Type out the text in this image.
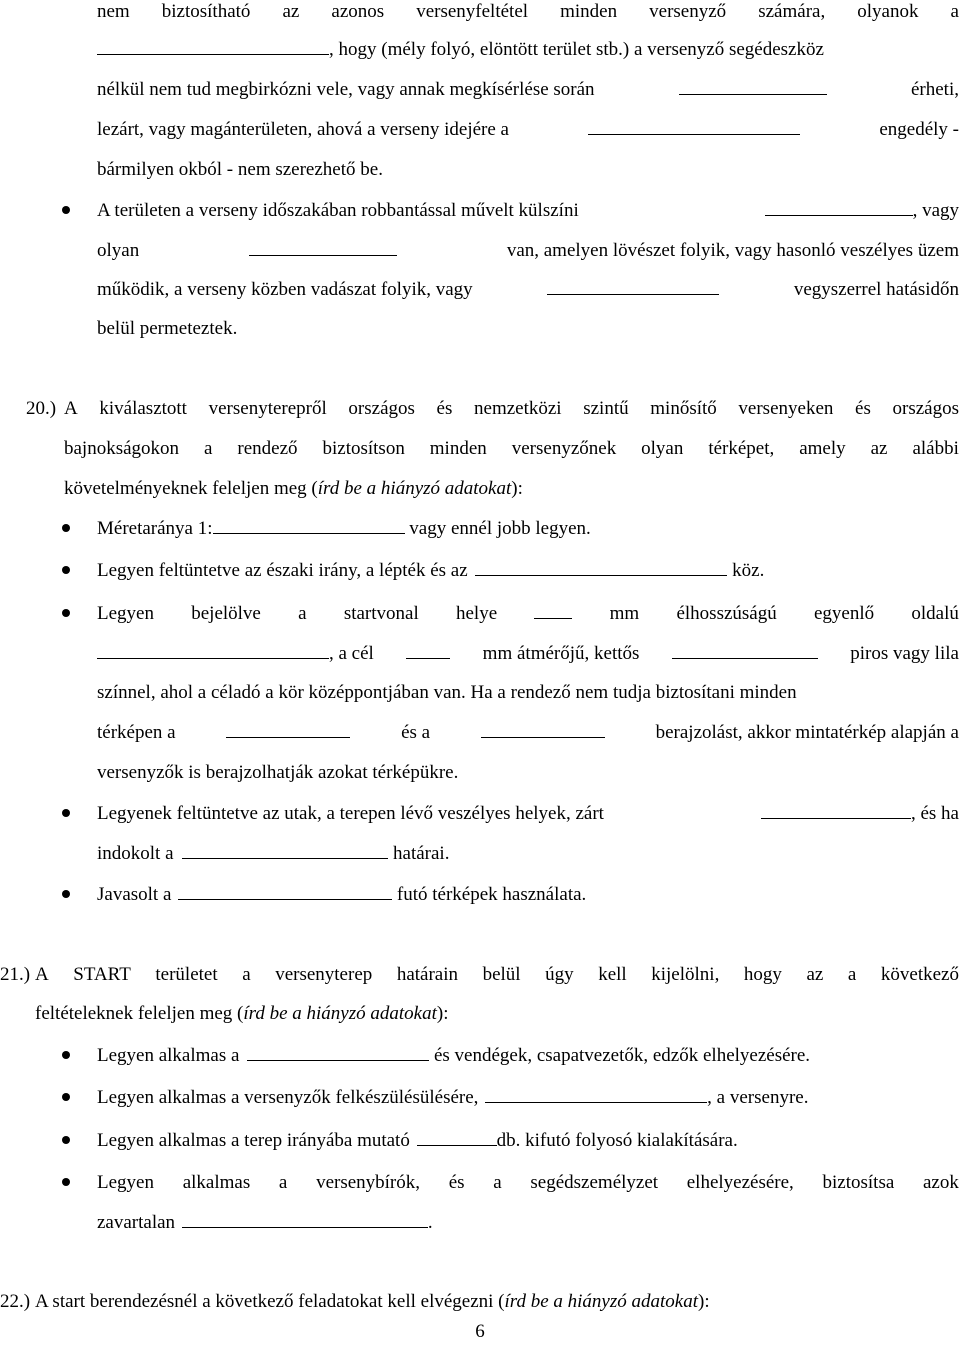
nem biztosítható az azonos versenyfeltétel minden versenyző számára, olyanok a
, hogy (mély folyó, elöntött terület stb.) a versenyző segédeszköz
nélkül nem tud megbirkózni vele, vagy annak megkísérlése során	érheti,
lezárt, vagy magánterületen, ahová a verseny idejére a	engedély -
bármilyen okból - nem szerezhető be.
A területen a verseny időszakában robbantással művelt külszíni	, vagy
olyan	van, amelyen lövészet folyik, vagy hasonló veszélyes üzem
működik, a verseny közben vadászat folyik, vagy	vegyszerrel hatásidőn
belül permeteztek.
20.) A kiválasztott versenyterepről országos és nemzetközi szintű minősítő versenyeken és országos
bajnokságokon a rendező biztosítson minden versenyzőnek olyan térképet, amely az alábbi
követelményeknek feleljen meg (írd be a hiányzó adatokat):
Méretaránya 1:	vagy ennél jobb legyen.
Legyen feltüntetve az északi irány, a lépték és az	köz.
Legyen bejelölve a startvonal helye	mm élhosszúságú egyenlő oldalú
, a cél	mm átmérőjű, kettős	piros vagy lila
színnel, ahol a céladó a kör középpontjában van. Ha a rendező nem tudja biztosítani minden
térképen a	és a	berajzolást, akkor mintatérkép alapján a
versenyzők is berajzolhatják azokat térképükre.
Legyenek feltüntetve az utak, a terepen lévő veszélyes helyek, zárt	, és ha
indokolt a	határai.
Javasolt a	futó térképek használata.
21.) A START területet a versenyterep határain belül úgy kell kijelölni, hogy az a következő
feltételeknek feleljen meg (írd be a hiányzó adatokat):
Legyen alkalmas a	és vendégek, csapatvezetők, edzők elhelyezésére.
Legyen alkalmas a versenyzők felkészülésülésére,	, a versenyre.
Legyen alkalmas a terep irányába mutató	db. kifutó folyosó kialakítására.
Legyen alkalmas a versenybírók, és a segédszemélyzet elhelyezésére, biztosítsa azok
zavartalan	.
22.) A start berendezésnél a következő feladatokat kell elvégezni (írd be a hiányzó adatokat):
6
